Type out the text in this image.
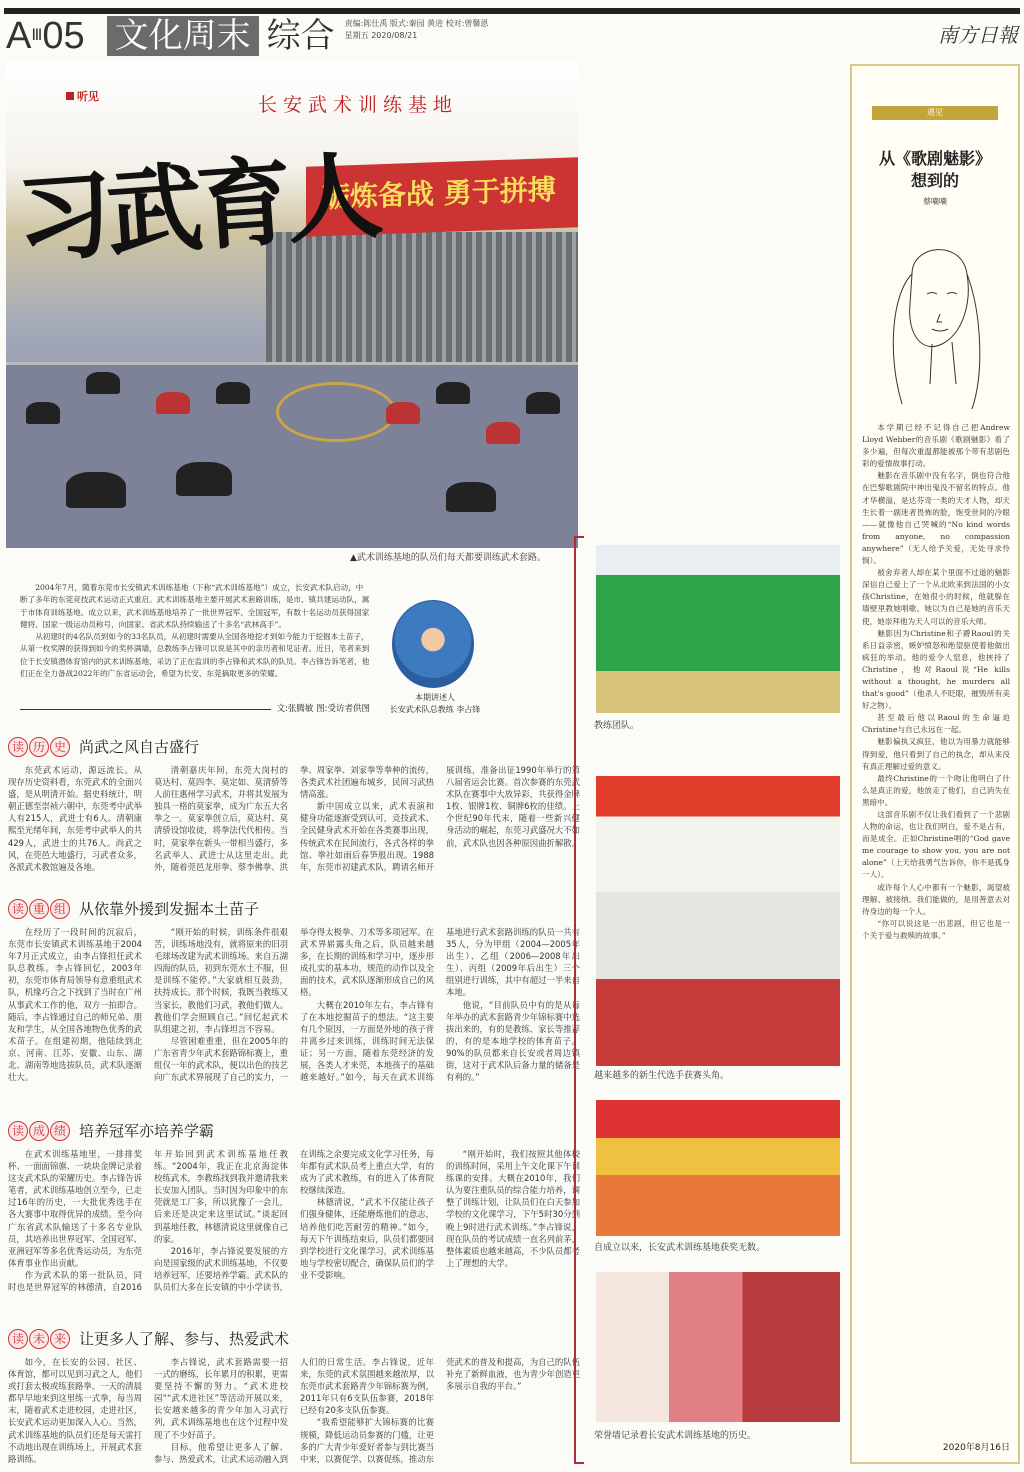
AⅢ05 文化周末 综合 责编:陈仕禹 版式:秦园 黄进 校对:曾馨恩
星期五 2020/08/21	南方日報
砺炼备战 勇于拼搏
听见	长安武术训练基地
习武育人
▲武术训练基地的队员们每天都要训练武术套路。

2004年7月，随着东莞市长安镇武术训练基地（下称“武术训练基地”）成立，长安武术队启动，中断了多年的东莞竞技武术运动正式重启。武术训练基地主要开展武术套路训练，是市、镇共建运动队，属于市体育训练基地。成立以来，武术训练基地培养了一批世界冠军、全国冠军，有数十名运动员获得国家健将、国家一级运动员称号，向国家、省武术队持续输送了十多名“武林高手”。

从初建时的4名队员到如今的33名队员，从初建时需要从全国各地挖才到如今能力于挖掘本土苗子，从第一枚奖牌的获得到如今的奖杯满墙，总教练李占锋可以说是其中的亲历者和见证者。近日，笔者来到位于长安镇潜体育馆内的武术训练基地，采访了正在监训的李占锋和武术队的队员。李占锋告诉笔者，他们正在全力备战2022年的广东省运动会，希望为长安、东莞摘取更多的荣耀。

文:张腾敏 图:受访者供图
本期讲述人
长安武术队总教练 李占锋
读 历 史 尚武之风自古盛行

东莞武术运动，源远流长。从现存历史资料看，东莞武术的全面兴盛，是从明清开始。据史料统计，明朝正德至崇祯六朝中，东莞考中武举人有215人，武进士有6人。清朝康熙至光绪年间，东莞考中武举人的共429人，武进士的共76人。尚武之风，在莞邑大地盛行，习武者众多，各派武术教馆遍及各地。

清朝嘉庆年间，东莞大岗村的莫达村、莫四李、莫定如、莫清骄等人前往惠州学习武术，并将其发展为独具一格的莫家拳，成为广东五大名拳之一。莫家拳创立后，莫达村、莫清骄设馆收徒，将拳法代代相传。当时，莫家拳在新头一带相当盛行，多名武举人、武进士从这里走出。此外，随着莞邑龙形拳、蔡李佛拳、洪拳、周家拳、刘家拳等拳种的流传，各类武术社团遍布城乡，民间习武热情高涨。

新中国成立以来，武术表演和健身功能逐渐受到认可，竞技武术、全民健身武术开始在各类赛事出现，传统武术在民间流行，各式各样的拳馆、拳社如雨后春笋般出现。1988年，东莞市初建武术队，聘请名师开展训练，准备出征1990年举行的第八届省运会比赛。首次参赛的东莞武术队在赛事中大放异彩，共获得金牌1枚、银牌1枚、铜牌6枚的佳绩。上个世纪90年代末，随着一些新兴健身活动的崛起，东莞习武盛况大不如前，武术队也因各种原因曲折解散。

读 重 组 从依靠外援到发掘本土苗子

在经历了一段时间的沉寂后，东莞市长安镇武术训练基地于2004年7月正式成立，由李占锋担任武术队总教练。李占锋回忆，2003年初，东莞市体育局领导有意重组武术队，机缘巧合之下找到了当时在广州从事武术工作的他，双方一拍即合。随后，李占锋通过自己的师兄弟、朋友和学生，从全国各地物色优秀的武术苗子。在组建初期，他陆续到北京、河南、江苏、安徽、山东、湖北、湖南等地选拔队员，武术队逐渐壮大。

“刚开始的时候，训练条件很艰苦，训练场地没有，就将原来的旧羽毛球场改建为武术训练场。来自五湖四海的队员，初到东莞水土不服，但是训练不能停。”大家就相互鼓劲，扶持成长。那个时候，我既当教练又当家长，教他们习武，教他们做人。教他们学会照顾自己。”回忆起武术队组建之初，李占锋坦言不容易。

尽管困难重重，但在2005年的广东省青少年武术套路锦标赛上，重组仅一年的武术队，便以出色的技艺向广东武术界展现了自己的实力，一举夺得太极拳、刀术等多项冠军。在武术界崭露头角之后，队员越来越多，在长期的训练和学习中，逐步形成扎实的基本功，规范的动作以及全面的技术，武术队逐渐形成自己的风格。

大概在2010年左右，李占锋有了在本地挖掘苗子的想法。“这主要有几个原因，一方面是外地的孩子背井离乡过来训练，训练时间无法保证；另一方面，随着东莞经济的发展，各类人才来莞，本地孩子的基础越来越好。”如今，每天在武术训练基地进行武术套路训练的队员一共有35人，分为甲组（2004—2005年出生）、乙组（2006—2008年出生）、丙组（2009年后出生）三个组别进行训练，其中有超过一半来自本地。

他说，“目前队员中有的是从每年举办的武术套路青少年锦标赛中选拔出来的，有的是教练、家长等推荐的，有的是本地学校的体育苗子。90%的队员都来自长安或者周边镇街，这对于武术队后备力量的储备是有利的。”

读 成 绩 培养冠军亦培养学霸

在武术训练基地里，一排排奖杯、一面面锦旗、一块块金牌记录着这支武术队的荣耀历史。李占锋告诉笔者，武术训练基地创立至今，已走过16年的历史，一大批优秀选手在各大赛事中取得优异的成绩。至今向广东省武术队输送了十多名专业队员，其培养出世界冠军、全国冠军、亚洲冠军等多名优秀运动员，为东莞体育事业作出贡献。

作为武术队的第一批队员，同时也是世界冠军的林德清，自2016年开始回到武术训练基地任教练。“2004年，我正在北京海淀体校练武术，李教练找到我并邀请我来长安加入团队。当时因为印象中的东莞就是工厂多，所以犹豫了一会儿，后来还是决定来这里试试。”谈起回到基地任教，林德清说这里就像自己的家。

2016年，李占锋说要发展的方向是国家级的武术训练基地，不仅要培养冠军，还要培养学霸。武术队的队员们大多在长安镇的中小学读书，在训练之余要完成文化学习任务，每年都有武术队员考上重点大学，有的成为了武术教练，有的进入了体育院校继续深造。

林德清说，“武术不仅能让孩子们强身健体，还能磨炼他们的意志，培养他们吃苦耐劳的精神。”如今，每天下午训练结束后，队员们都要回到学校进行文化课学习，武术训练基地与学校密切配合，确保队员们的学业不受影响。

“刚开始时，我们按照其他体校的训练时间，采用上午文化课下午训练课的安排。大概在2010年，我们认为要注重队员的综合能力培养，调整了训练计划，让队员们在白天参加学校的文化课学习，下午5时30分到晚上9时进行武术训练。”李占锋说，现在队员的考试成绩一直名列前茅，整体素质也越来越高，不少队员都考上了理想的大学。

读 未 来 让更多人了解、参与、热爱武术

如今，在长安的公园、社区、体育馆，都可以见到习武之人，他们或打套太极或练套路拳。一天的清晨都早早地来到这里练一式拳，每当周末，随着武术走进校园，走进社区，长安武术运动更加深入人心。当然，武术训练基地的队员们还是每天雷打不动地出现在训练场上，开展武术套路训练。

李占锋说，武术套路需要一招一式的磨练，长年累月的积累，更需要坚持不懈的努力。“武术进校园”“武术进社区”等活动开展以来，长安越来越多的青少年加入习武行列，武术训练基地也在这个过程中发现了不少好苗子。

目标，他希望让更多人了解、参与、热爱武术，让武术运动融入到人们的日常生活。李占锋说，近年来，东莞的武术氛围越来越浓厚，以东莞市武术套路青少年锦标赛为例，2011年只有6支队伍参赛，2018年已经有20多支队伍参赛。

“我希望能够扩大锦标赛的比赛规模，降低运动员参赛的门槛，让更多的广大青少年爱好者参与到比赛当中来，以赛促学、以赛促练，推动东莞武术的普及和提高，为自己的队伍补充了新鲜血液，也为青少年创造更多展示自我的平台。”

教练团队。
越来越多的新生代选手获赛头角。
自成立以来，长安武术训练基地获奖无数。
荣誉墙记录着长安武术训练基地的历史。
遇见
从《歌剧魅影》
想到的
蔡嘀嘀

本学期已经不记得自己把Andrew Lloyd Webber的音乐剧《歌剧魅影》看了多少遍，但每次重温都能被那个带有悲剧色彩的爱情故事打动。

魅影在音乐剧中没有名字，倒也符合他在巴黎歌剧院中神出鬼没不留名的特点。他才华横溢，是达芬奇一类的天才人物，却天生长着一副迷者畏怖的脸，饱受世间的冷眼——就像他自己哭喊的“No kind words from anyone, no compassion anywhere”（无人给予关爱，无处寻求怜悯）。

被舍弃者人却在某个里面不过道的魅影深信自己爱上了一个从北欧来到法国的小女孩Christine，在她很小的时候，他就躲在墙壁里教她唱歌。她以为自己是她的音乐天使，她崇拜他为天人可以的音乐大师。

魅影因为Christine和子爵Raoul的关系日益亲密，嫉妒愤怒和绝望驱使着他做出疯狂的举动。他的爱令人窒息，他挟持了Christine，他对Raoul说“He kills without a thought, he murders all that's good”（他杀人不眨眼，摧毁所有美好之物）。

甚至最后他以Raoul的生命逼迫Christine与自己永远在一起。

魅影偏执又疯狂，他以为用暴力就能够得到爱，他只看到了自己的执念，却从来没有真正理解过爱的意义。

最终Christine的一个吻让他明白了什么是真正的爱，他放走了他们，自己消失在黑暗中。

这部音乐剧不仅让我们看到了一个悲剧人物的命运，也让我们明白，爱不是占有，而是成全。正如Christine唱的“God gave me courage to show you, you are not alone”（上天给我勇气告诉你，你不是孤身一人）。

或许每个人心中都有一个魅影，渴望被理解、被接纳。我们能做的，是用善意去对待身边的每一个人。

“你可以说这是一出悲剧，但它也是一个关于爱与救赎的故事。”

2020年8月16日
